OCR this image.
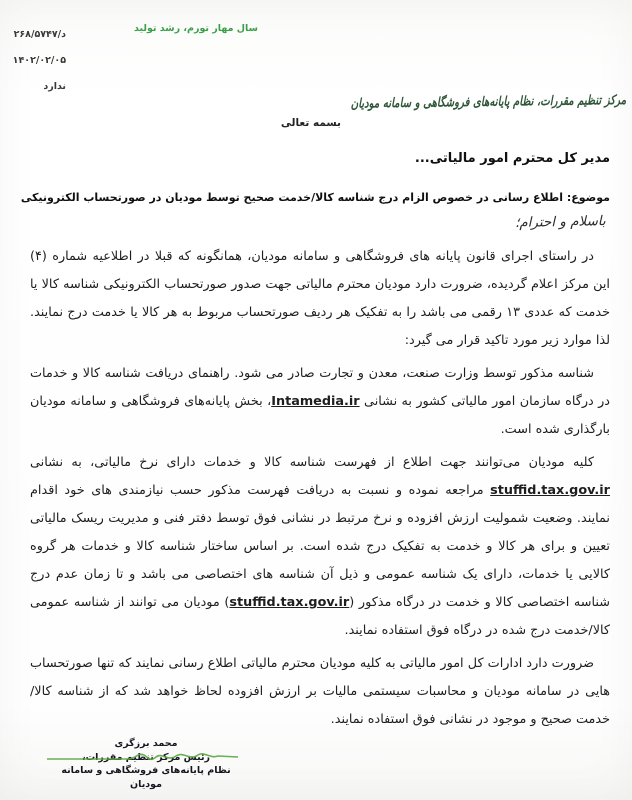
د/۲۶۸/۵۷۴۷
۱۴۰۲/۰۲/۰۵
ندارد
سال مهار تورم، رشد تولید
مرکز تنظیم مقررات، نظام پایانه‌های فروشگاهی و سامانه مودیان
بسمه تعالی
مدیر کل محترم امور مالیاتی...
موضوع: اطلاع رسانی در خصوص الزام درج شناسه کالا/خدمت صحیح توسط مودیان در صورتحساب الکترونیکی
باسلام و احترام؛

در راستای اجرای قانون پایانه های فروشگاهی و سامانه مودیان، همانگونه که قبلا در اطلاعیه شماره (۴) این مرکز اعلام گردیده، ضرورت دارد مودیان محترم مالیاتی جهت صدور صورتحساب الکترونیکی شناسه کالا یا خدمت که عددی ۱۳ رقمی می باشد را به تفکیک هر ردیف صورتحساب مربوط به هر کالا یا خدمت درج نمایند. لذا موارد زیر مورد تاکید قرار می گیرد:

شناسه مذکور توسط وزارت صنعت، معدن و تجارت صادر می شود. راهنمای دریافت شناسه کالا و خدمات در درگاه سازمان امور مالیاتی کشور به نشانی Intamedia.ir، بخش پایانه‌های فروشگاهی و سامانه مودیان بارگذاری شده است.

کلیه مودیان می‌توانند جهت اطلاع از فهرست شناسه کالا و خدمات دارای نرخ مالیاتی، به نشانی stuffid.tax.gov.ir مراجعه نموده و نسبت به دریافت فهرست مذکور حسب نیازمندی های خود اقدام نمایند. وضعیت شمولیت ارزش افزوده و نرخ مرتبط در نشانی فوق توسط دفتر فنی و مدیریت ریسک مالیاتی تعیین و برای هر کالا و خدمت به تفکیک درج شده است. بر اساس ساختار شناسه کالا و خدمات هر گروه کالایی یا خدمات، دارای یک شناسه عمومی و ذیل آن شناسه های اختصاصی می باشد و تا زمان عدم درج شناسه اختصاصی کالا و خدمت در درگاه مذکور (stuffid.tax.gov.ir) مودیان می توانند از شناسه عمومی کالا/خدمت درج شده در درگاه فوق استفاده نمایند.

ضرورت دارد ادارات کل امور مالیاتی به کلیه مودیان محترم مالیاتی اطلاع رسانی نمایند که تنها صورتحساب هایی در سامانه مودیان و محاسبات سیستمی مالیات بر ارزش افزوده لحاظ خواهد شد که از شناسه کالا/خدمت صحیح و موجود در نشانی فوق استفاده نمایند.

محمد برزگری
رئیس مرکز تنظیم مقررات،
نظام پایانه‌های فروشگاهی و سامانه مودیان
